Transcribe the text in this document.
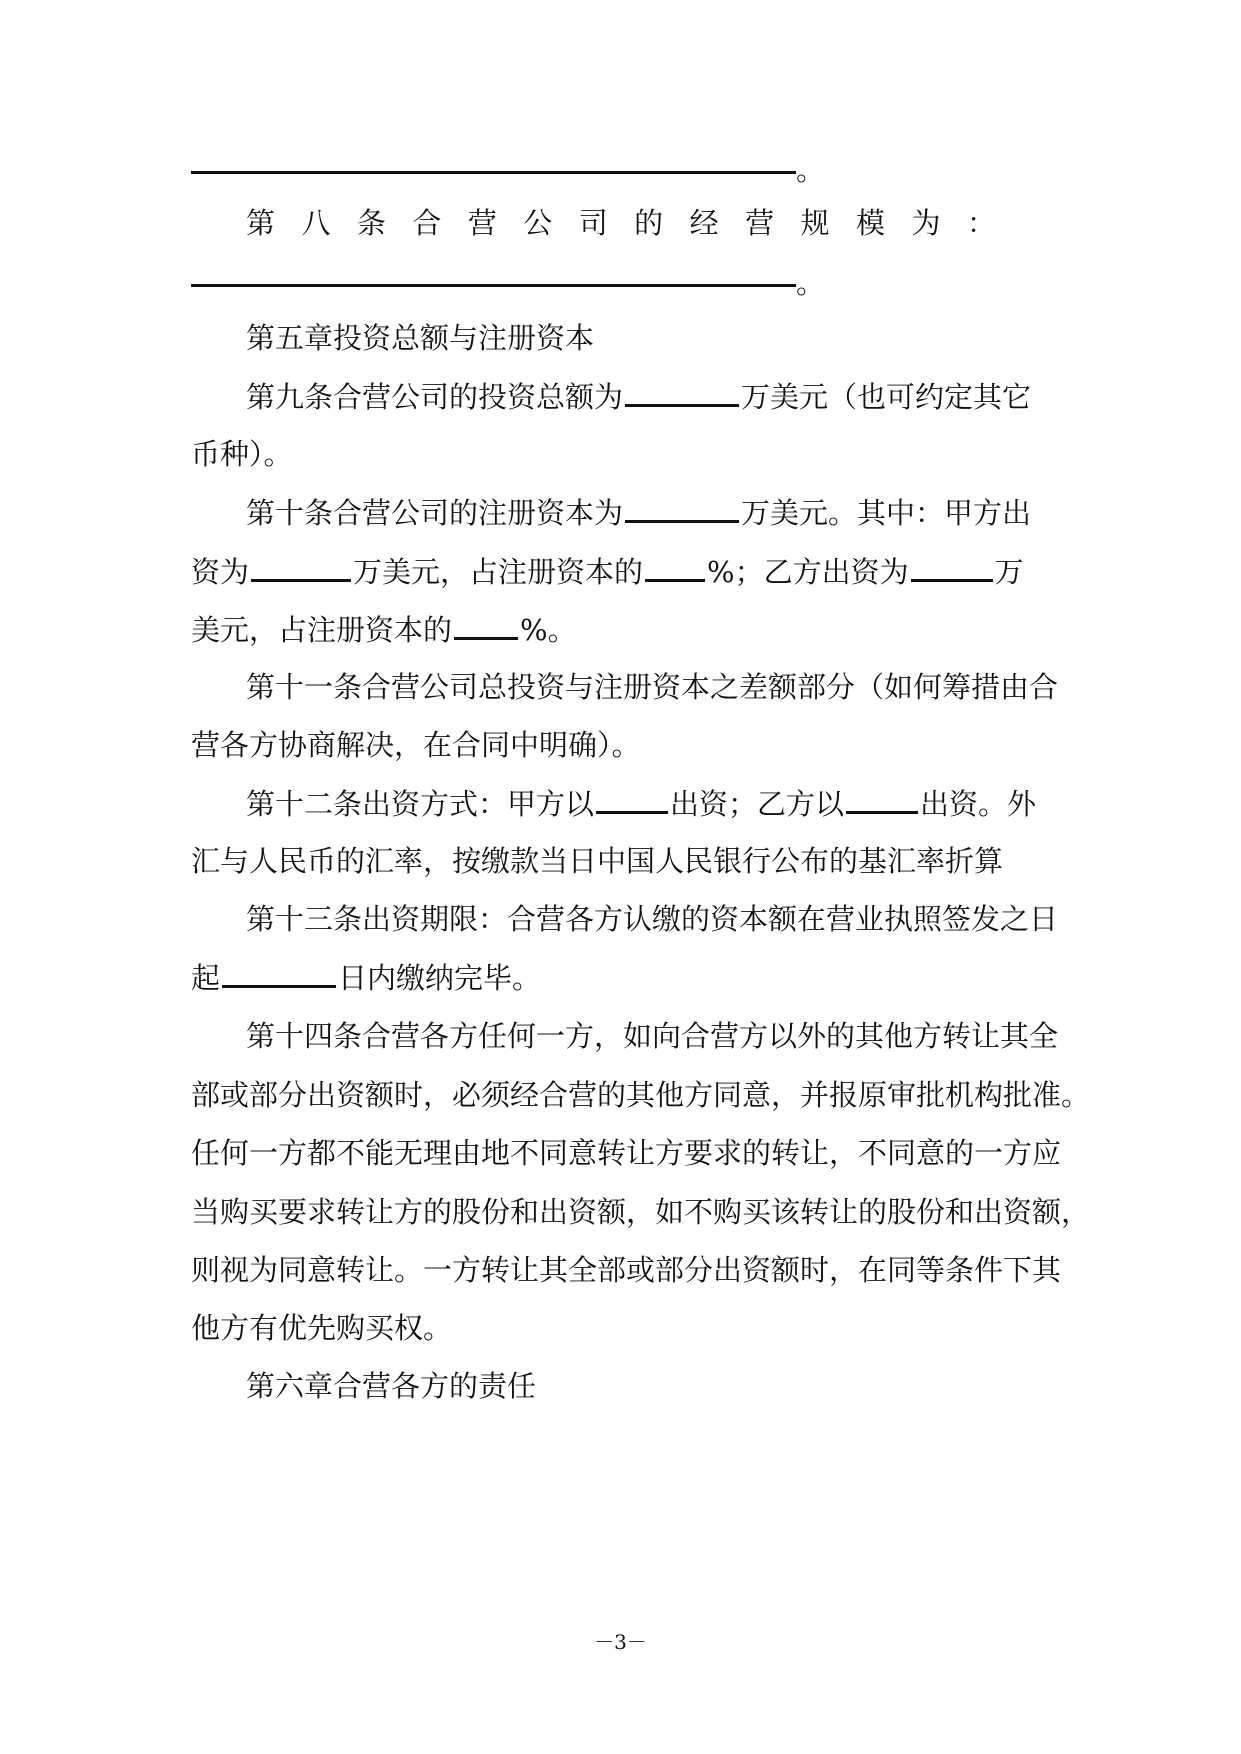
。
第 八 条 合 营 公 司 的 经 营 规 模 为 ：
。
第五章投资总额与注册资本
第九条合营公司的投资总额为	万美元（也可约定其它
币种）。
第十条合营公司的注册资本为	万美元。其中：甲方出
资为	万美元，占注册资本的 %；乙方出资为	万
美元，占注册资本的 %。
第十一条合营公司总投资与注册资本之差额部分（如何筹措由合
营各方协商解决，在合同中明确）。
第十二条出资方式：甲方以	出资；乙方以	出资。外
汇与人民币的汇率，按缴款当日中国人民银行公布的基汇率折算
第十三条出资期限：合营各方认缴的资本额在营业执照签发之日
起	日内缴纳完毕。
第十四条合营各方任何一方，如向合营方以外的其他方转让其全
部或部分出资额时，必须经合营的其他方同意，并报原审批机构批准。
任何一方都不能无理由地不同意转让方要求的转让，不同意的一方应
当购买要求转让方的股份和出资额，如不购买该转让的股份和出资额，
则视为同意转让。一方转让其全部或部分出资额时，在同等条件下其
他方有优先购买权。
第六章合营各方的责任
－3－
